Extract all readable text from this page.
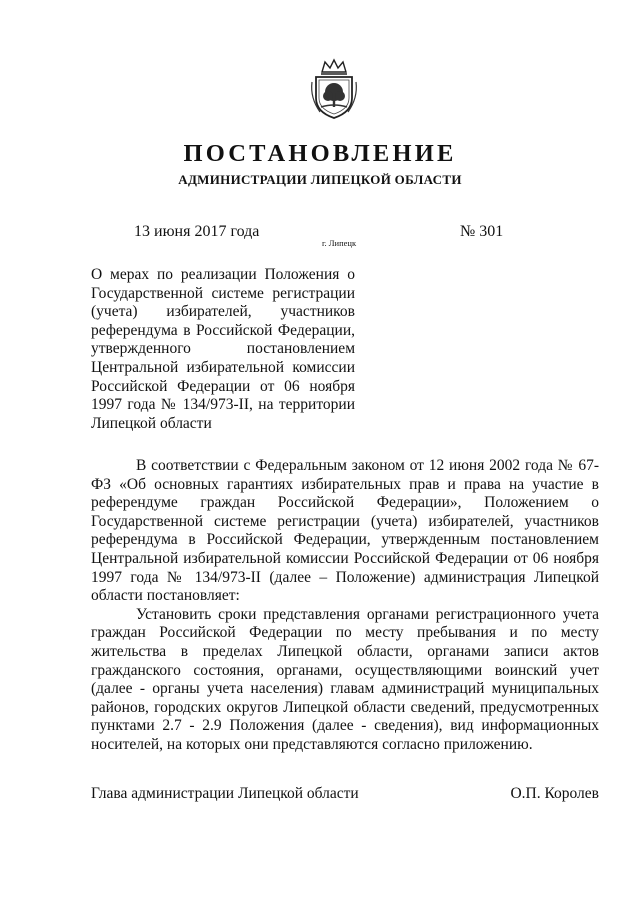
ПОСТАНОВЛЕНИЕ
АДМИНИСТРАЦИИ ЛИПЕЦКОЙ ОБЛАСТИ
13 июня 2017 года
г. Липецк
№ 301

О мерах по реализации Положения о Государственной системе регистрации (учета) избирателей, участников референдума в Российской Федерации, утвержденного постановлением Центральной избирательной комиссии Российской Федерации от 06 ноября 1997 года № 134/973-II, на территории Липецкой области

В соответствии с Федеральным законом от 12 июня 2002 года № 67-ФЗ «Об основных гарантиях избирательных прав и права на участие в референдуме граждан Российской Федерации», Положением о Государственной системе регистрации (учета) избирателей, участников референдума в Российской Федерации, утвержденным постановлением Центральной избирательной комиссии Российской Федерации от 06 ноября 1997 года № 134/973-II (далее – Положение) администрация Липецкой области постановляет:

Установить сроки представления органами регистрационного учета граждан Российской Федерации по месту пребывания и по месту жительства в пределах Липецкой области, органами записи актов гражданского состояния, органами, осуществляющими воинский учет (далее - органы учета населения) главам администраций муниципальных районов, городских округов Липецкой области сведений, предусмотренных пунктами 2.7 - 2.9 Положения (далее - сведения), вид информационных носителей, на которых они представляются согласно приложению.

Глава администрации Липецкой области	О.П. Королев
